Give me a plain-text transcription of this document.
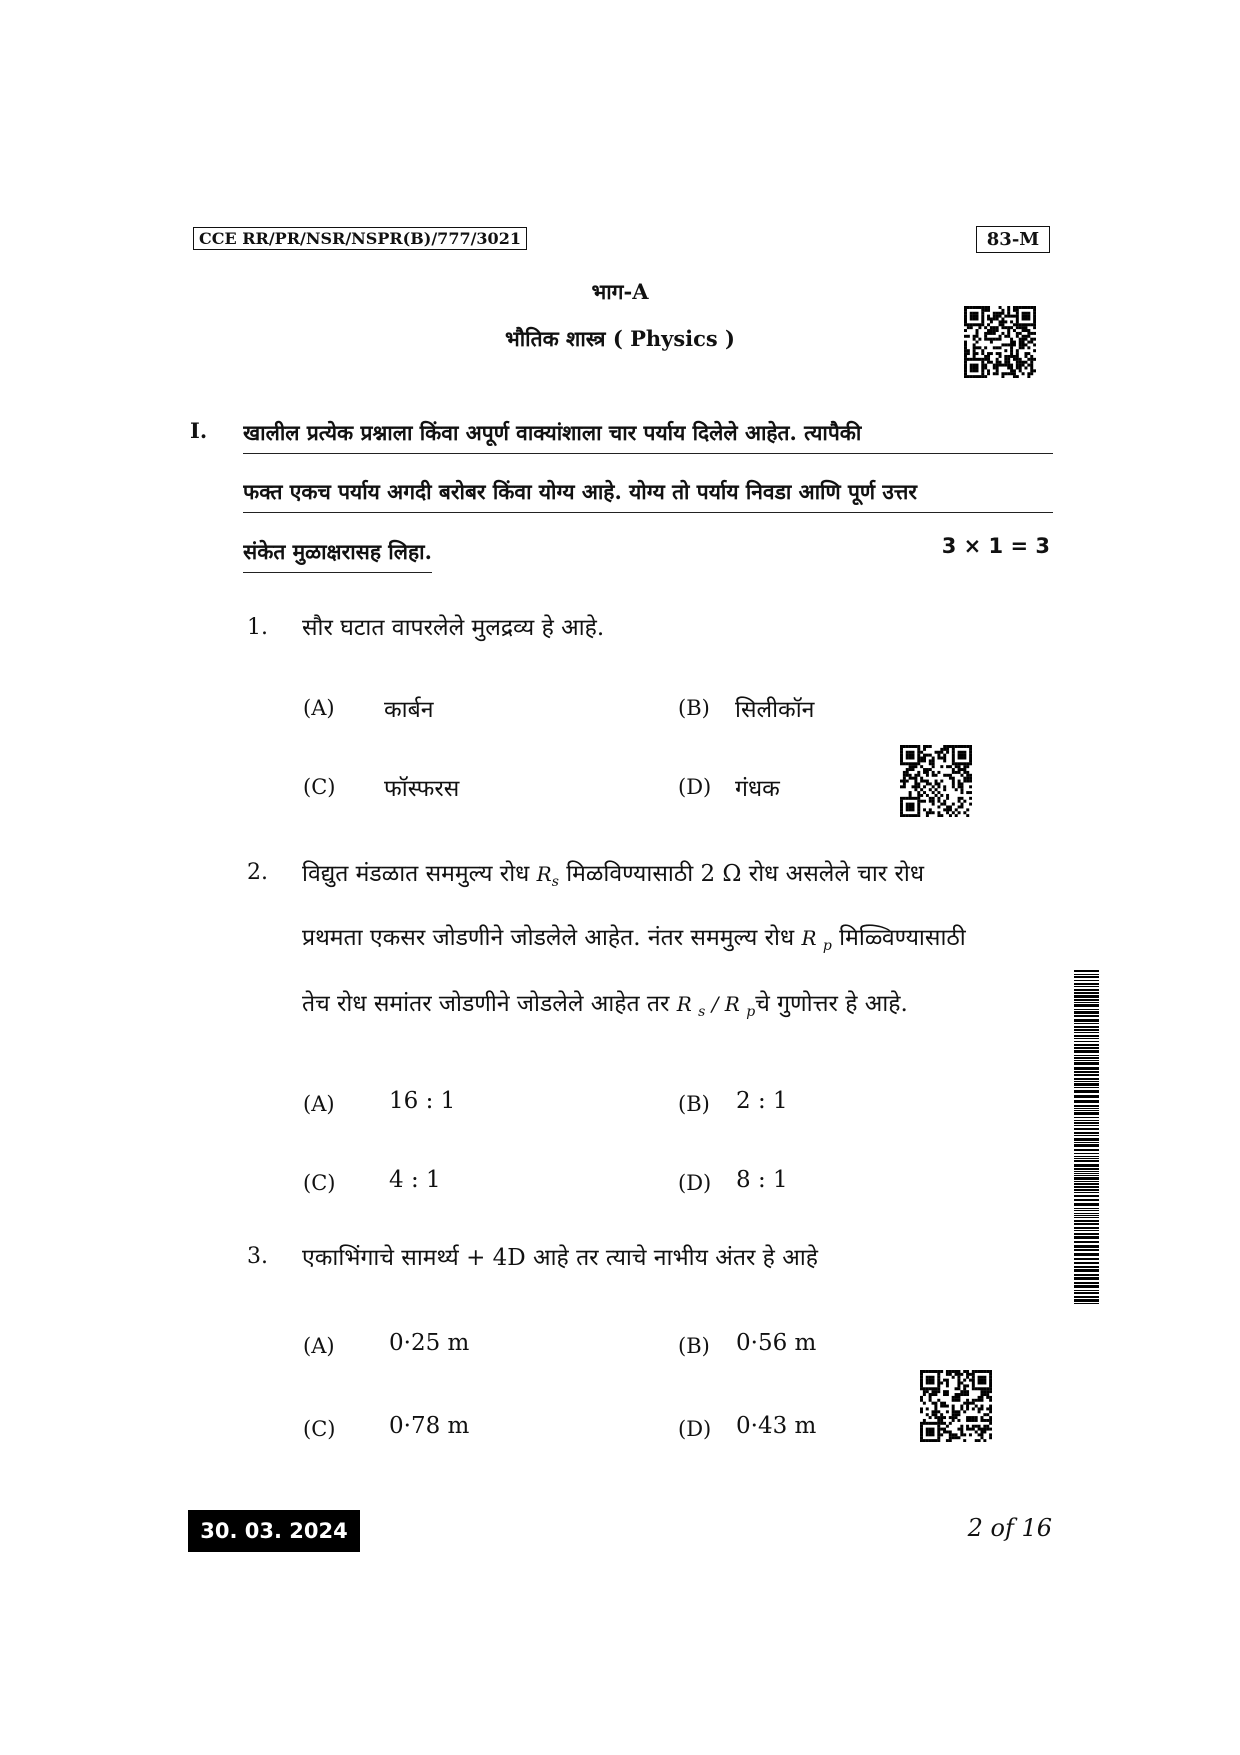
CCE RR/PR/NSR/NSPR(B)/777/3021	83-M
भाग-A
भौतिक शास्त्र ( Physics )
I. खालील प्रत्येक प्रश्नाला किंवा अपूर्ण वाक्यांशाला चार पर्याय दिलेले आहेत. त्यापैकी
फक्त एकच पर्याय अगदी बरोबर किंवा योग्य आहे. योग्य तो पर्याय निवडा आणि पूर्ण उत्तर
संकेत मुळाक्षरासह लिहा.	3 × 1 = 3
1. सौर घटात वापरलेले मुलद्रव्य हे आहे.
(A) कार्बन	(B) सिलीकॉन
(C) फॉस्फरस	(D) गंधक
2. विद्युत मंडळात सममुल्य रोध $R_s$ मिळविण्यासाठी 2 Ω रोध असलेले चार रोध
प्रथमता एकसर जोडणीने जोडलेले आहेत. नंतर सममुल्य रोध R $_p$ मिळ्विण्यासाठी
तेच रोध समांतर जोडणीने जोडलेले आहेत तर R $_s$ / R $_p$चे गुणोत्तर हे आहे.
(A) 16 : 1	(B) 2 : 1
(C) 4 : 1	(D) 8 : 1
3. एकाभिंगाचे सामर्थ्य + 4D आहे तर त्याचे नाभीय अंतर हे आहे
(A) 0·25 m	(B) 0·56 m
(C) 0·78 m	(D) 0·43 m
30. 03. 2024	2 of 16
